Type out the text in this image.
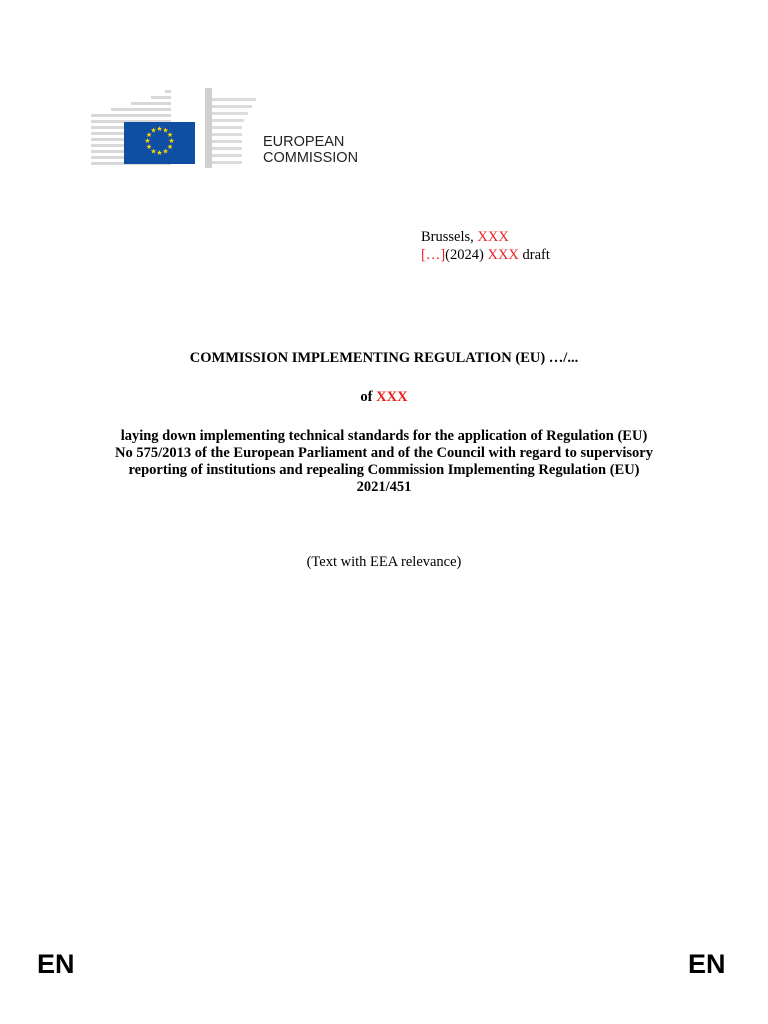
★ ★
★
★
★
★
★
★
★
★
★
★
EUROPEAN
COMMISSION
Brussels, XXX
[…](2024) XXX draft
COMMISSION IMPLEMENTING REGULATION (EU) …/...
of XXX
laying down implementing technical standards for the application of Regulation (EU)
No 575/2013 of the European Parliament and of the Council with regard to supervisory
reporting of institutions and repealing Commission Implementing Regulation (EU)
2021/451
(Text with EEA relevance)
EN	EN
